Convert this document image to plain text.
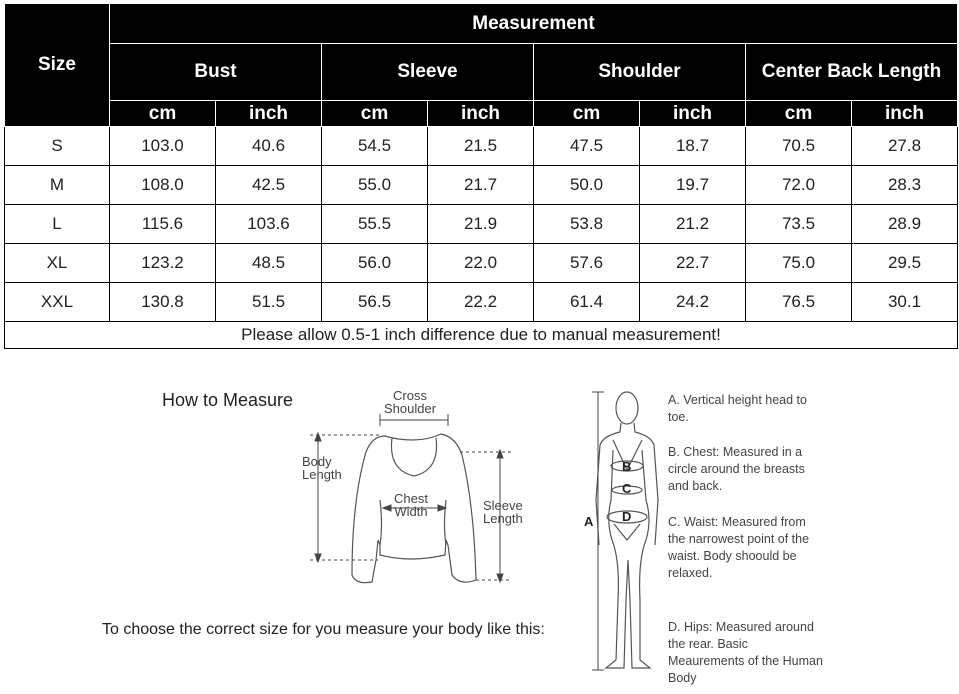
Size	Measurement							
	Bust		Sleeve		Shoulder		Center Back Length	
	cm	inch	cm	inch	cm	inch	cm	inch
S	103.0	40.6	54.5	21.5	47.5	18.7	70.5	27.8
M	108.0	42.5	55.0	21.7	50.0	19.7	72.0	28.3
L	115.6	103.6	55.5	21.9	53.8	21.2	73.5	28.9
XL	123.2	48.5	56.0	22.0	57.6	22.7	75.0	29.5
XXL	130.8	51.5	56.5	22.2	61.4	24.2	76.5	30.1
Please allow 0.5-1 inch difference due to manual measurement!								
How to Measure	Cross
Shoulder
Body
Length
Chest
Width	Sleeve
Length	A
B
C
D
A. Vertical height head to toe.
B. Chest: Measured in a circle around the breasts and back.
C. Waist: Measured from the narrowest point of the waist. Body shoould be relaxed.
D. Hips: Measured around the rear. Basic Meaurements of the Human Body
To choose the correct size for you measure your body like this:
